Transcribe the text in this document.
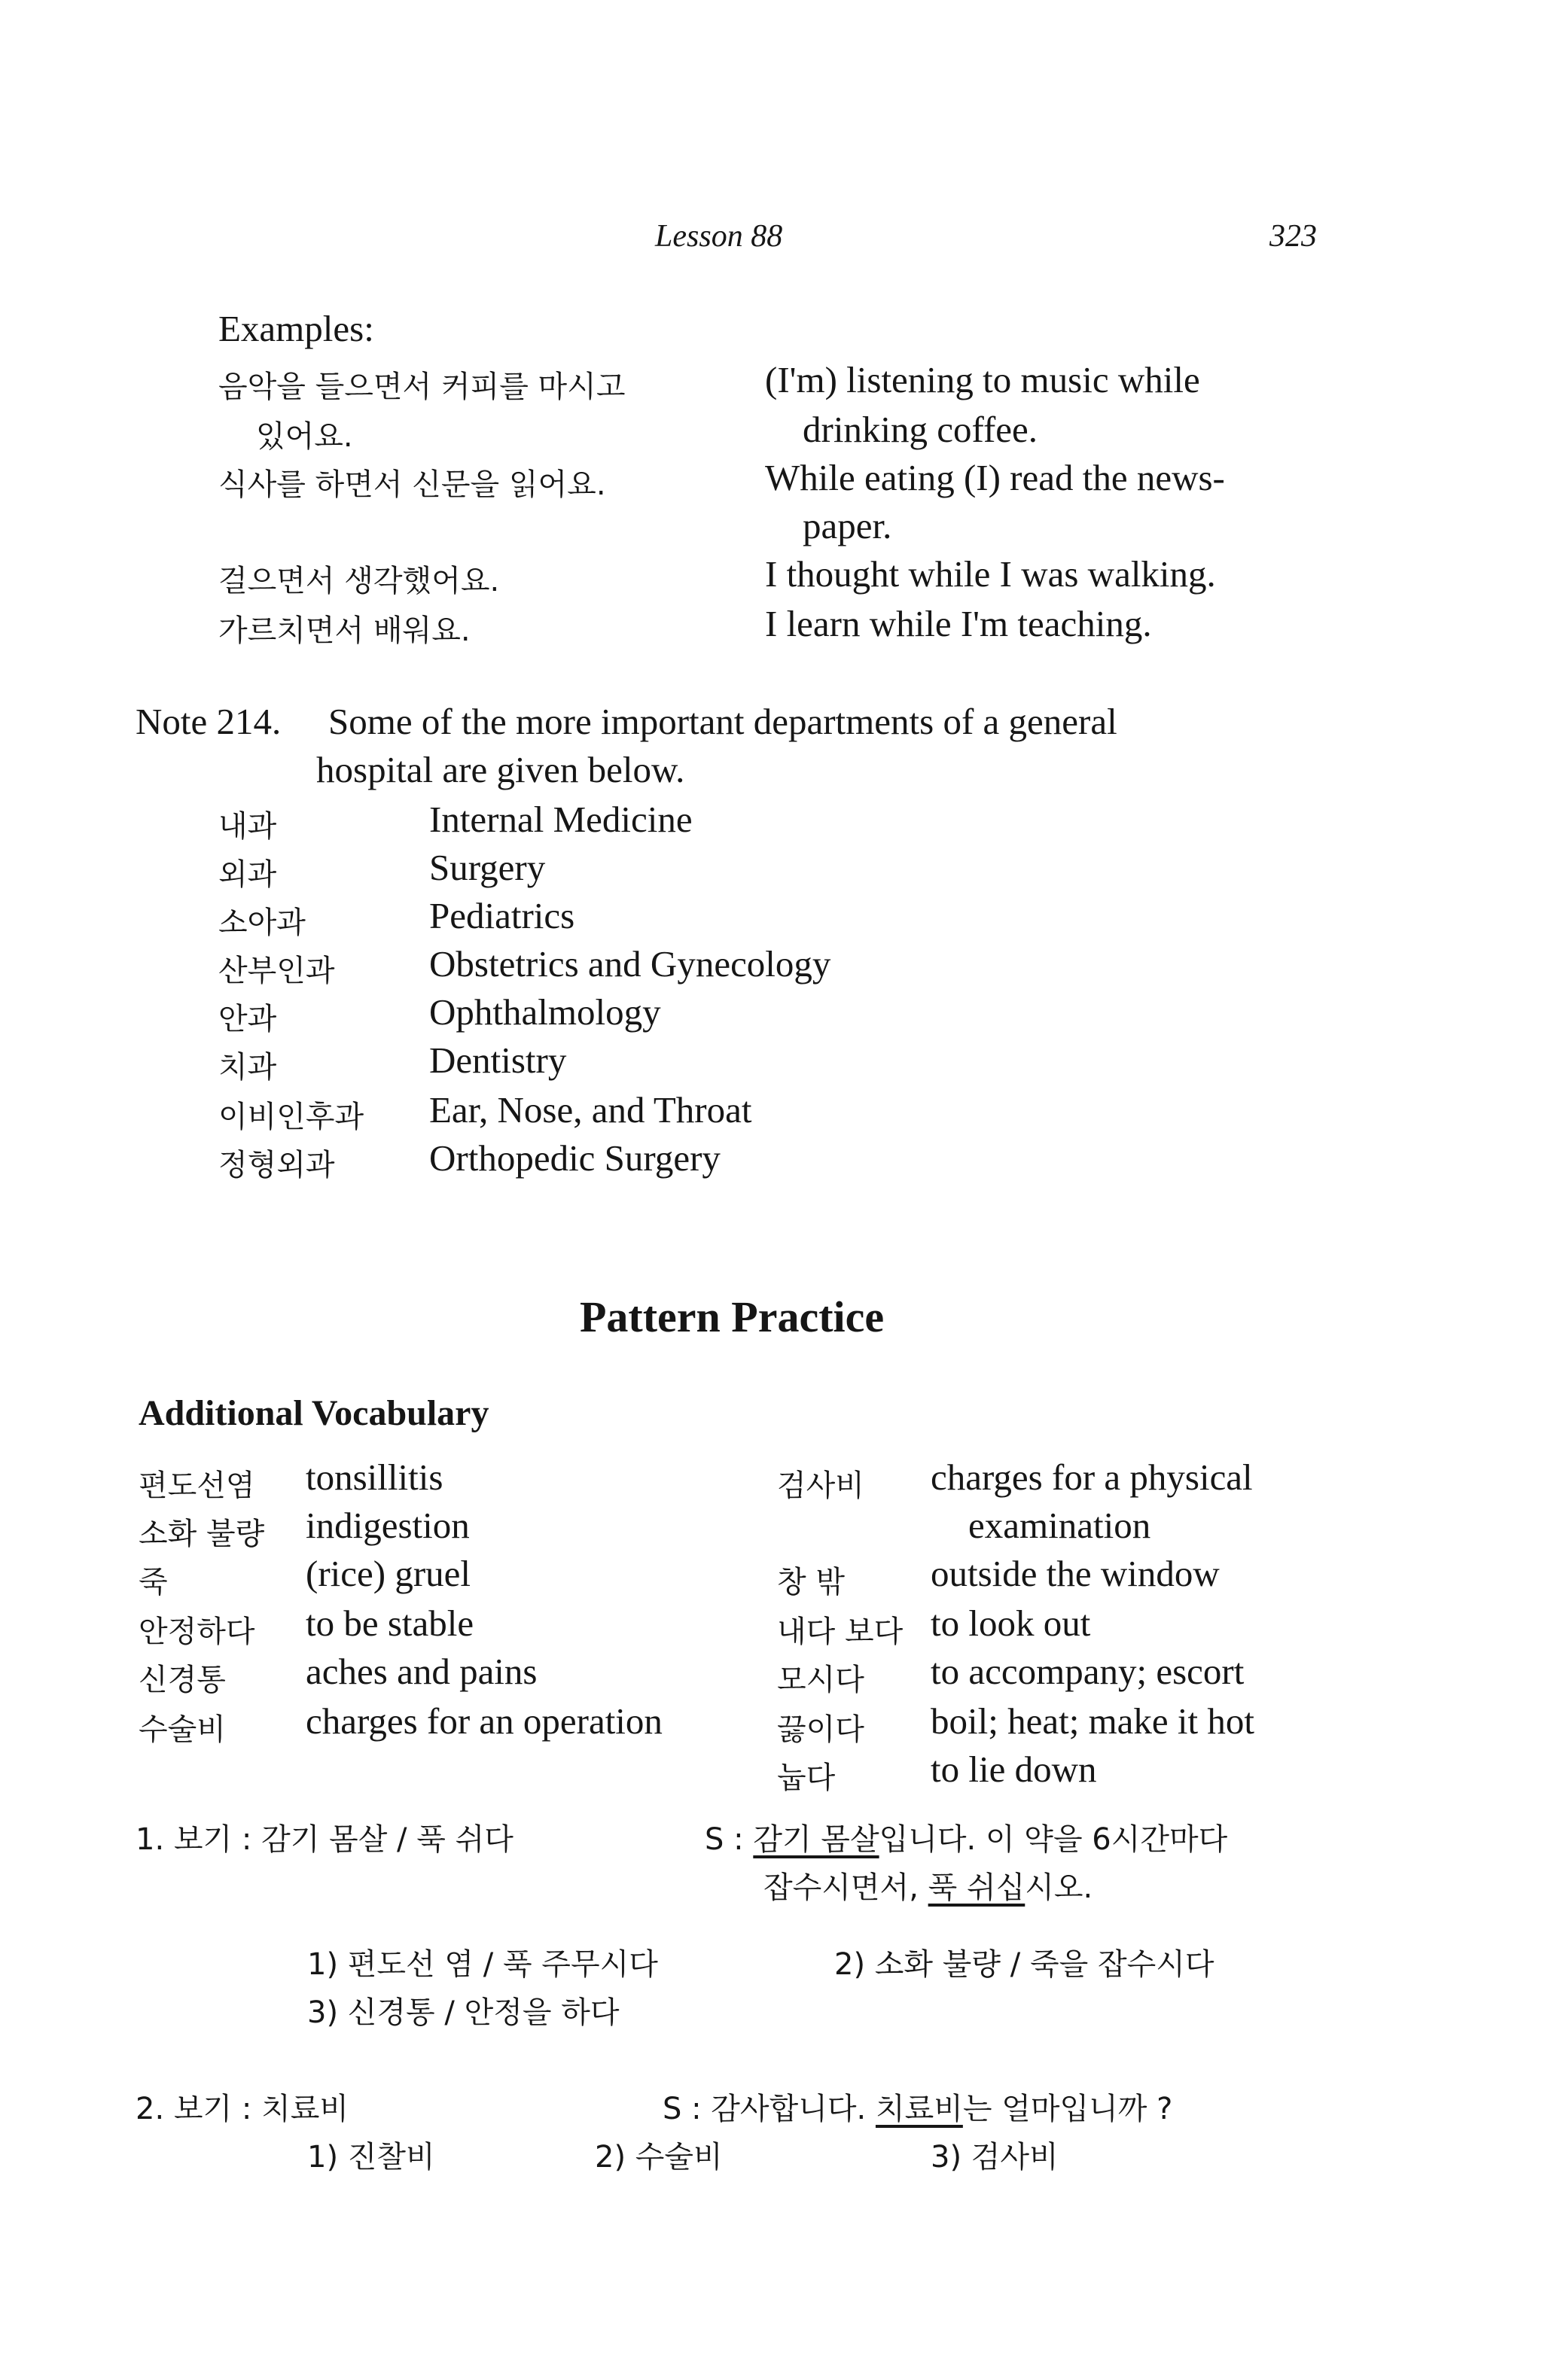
Lesson 88	323
Examples:
음악을 들으면서 커피를 마시고	(I'm) listening to music while
있어요.	drinking coffee.
식사를 하면서 신문을 읽어요.	While eating (I) read the news-
paper.
걸으면서 생각했어요.	I thought while I was walking.
가르치면서 배워요.	I learn while I'm teaching.
Note 214. Some of the more important departments of a general
hospital are given below.
내과	Internal Medicine
외과	Surgery
소아과	Pediatrics
산부인과	Obstetrics and Gynecology
안과	Ophthalmology
치과	Dentistry
이비인후과 Ear, Nose, and Throat
정형외과	Orthopedic Surgery
Pattern Practice
Additional Vocabulary
편도선염 tonsillitis
소화 불량 indigestion
죽	(rice) gruel
안정하다 to be stable
신경통 aches and pains
수술비 charges for an operation
검사비 charges for a physical
examination
창 밖 outside the window
내다 보다 to look out
모시다 to accompany; escort
끓이다 boil; heat; make it hot
눕다	to lie down
1. 보기 : 감기 몸살 / 푹 쉬다	S : 감기 몸살입니다. 이 약을 6시간마다
잡수시면서, 푹 쉬십시오.
1) 편도선 염 / 푹 주무시다	2) 소화 불량 / 죽을 잡수시다
3) 신경통 / 안정을 하다
2. 보기 : 치료비	S : 감사합니다. 치료비는 얼마입니까 ?
1) 진찰비	2) 수술비	3) 검사비
